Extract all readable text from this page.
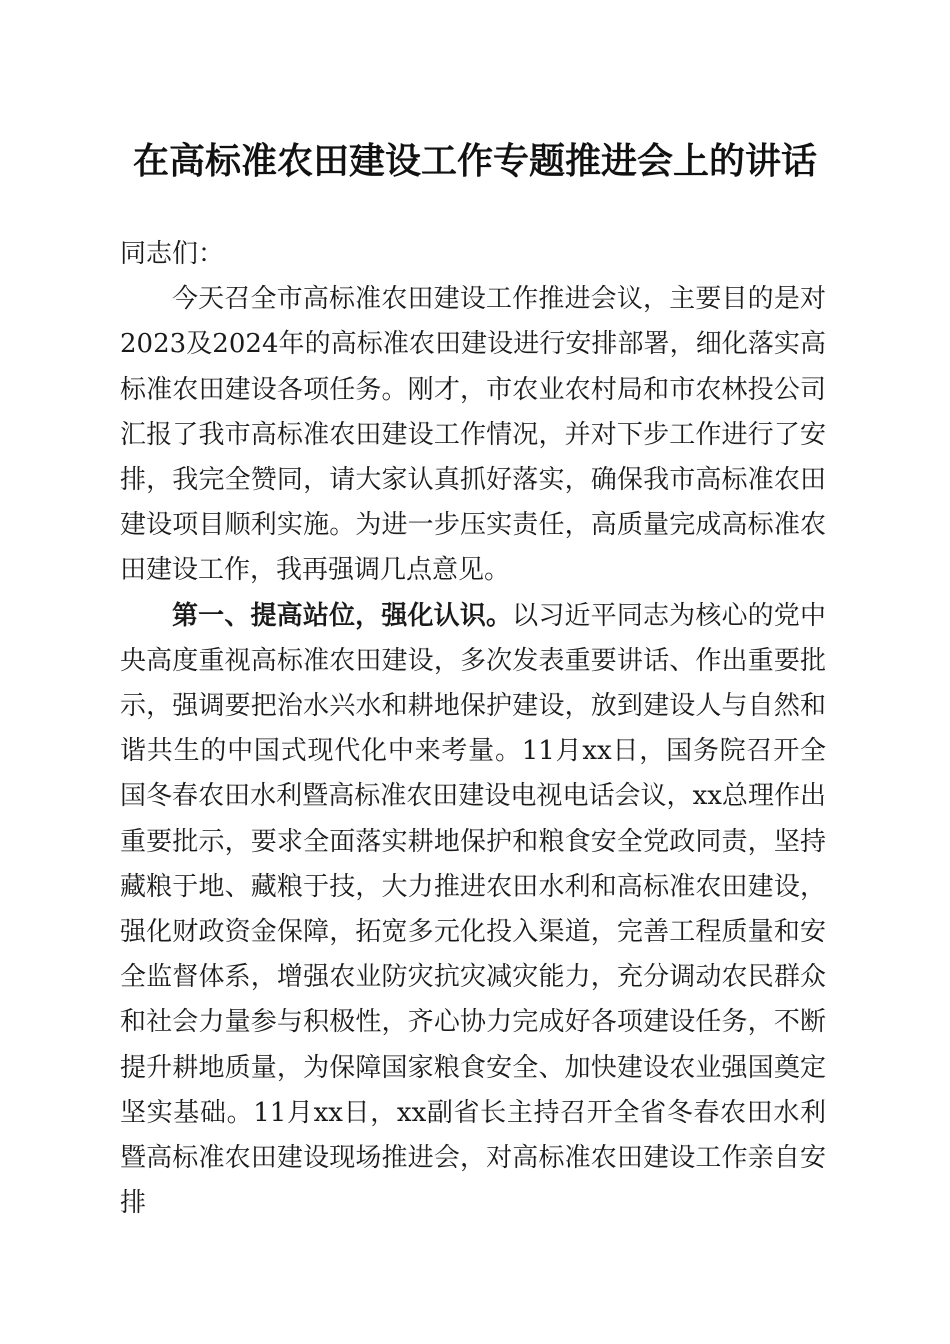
在高标准农田建设工作专题推进会上的讲话

同志们：

今天召全市高标准农田建设工作推进会议，主要目的是对2023及2024年的高标准农田建设进行安排部署，细化落实高标准农田建设各项任务。刚才，市农业农村局和市农林投公司汇报了我市高标准农田建设工作情况，并对下步工作进行了安排，我完全赞同，请大家认真抓好落实，确保我市高标准农田建设项目顺利实施。为进一步压实责任，高质量完成高标准农田建设工作，我再强调几点意见。

第一、提高站位，强化认识。以习近平同志为核心的党中央高度重视高标准农田建设，多次发表重要讲话、作出重要批示，强调要把治水兴水和耕地保护建设，放到建设人与自然和谐共生的中国式现代化中来考量。11月xx日，国务院召开全国冬春农田水利暨高标准农田建设电视电话会议，xx总理作出重要批示，要求全面落实耕地保护和粮食安全党政同责，坚持藏粮于地、藏粮于技，大力推进农田水利和高标准农田建设，强化财政资金保障，拓宽多元化投入渠道，完善工程质量和安全监督体系，增强农业防灾抗灾减灾能力，充分调动农民群众和社会力量参与积极性，齐心协力完成好各项建设任务，不断提升耕地质量，为保障国家粮食安全、加快建设农业强国奠定坚实基础。11月xx日，xx副省长主持召开全省冬春农田水利暨高标准农田建设现场推进会，对高标准农田建设工作亲自安排
